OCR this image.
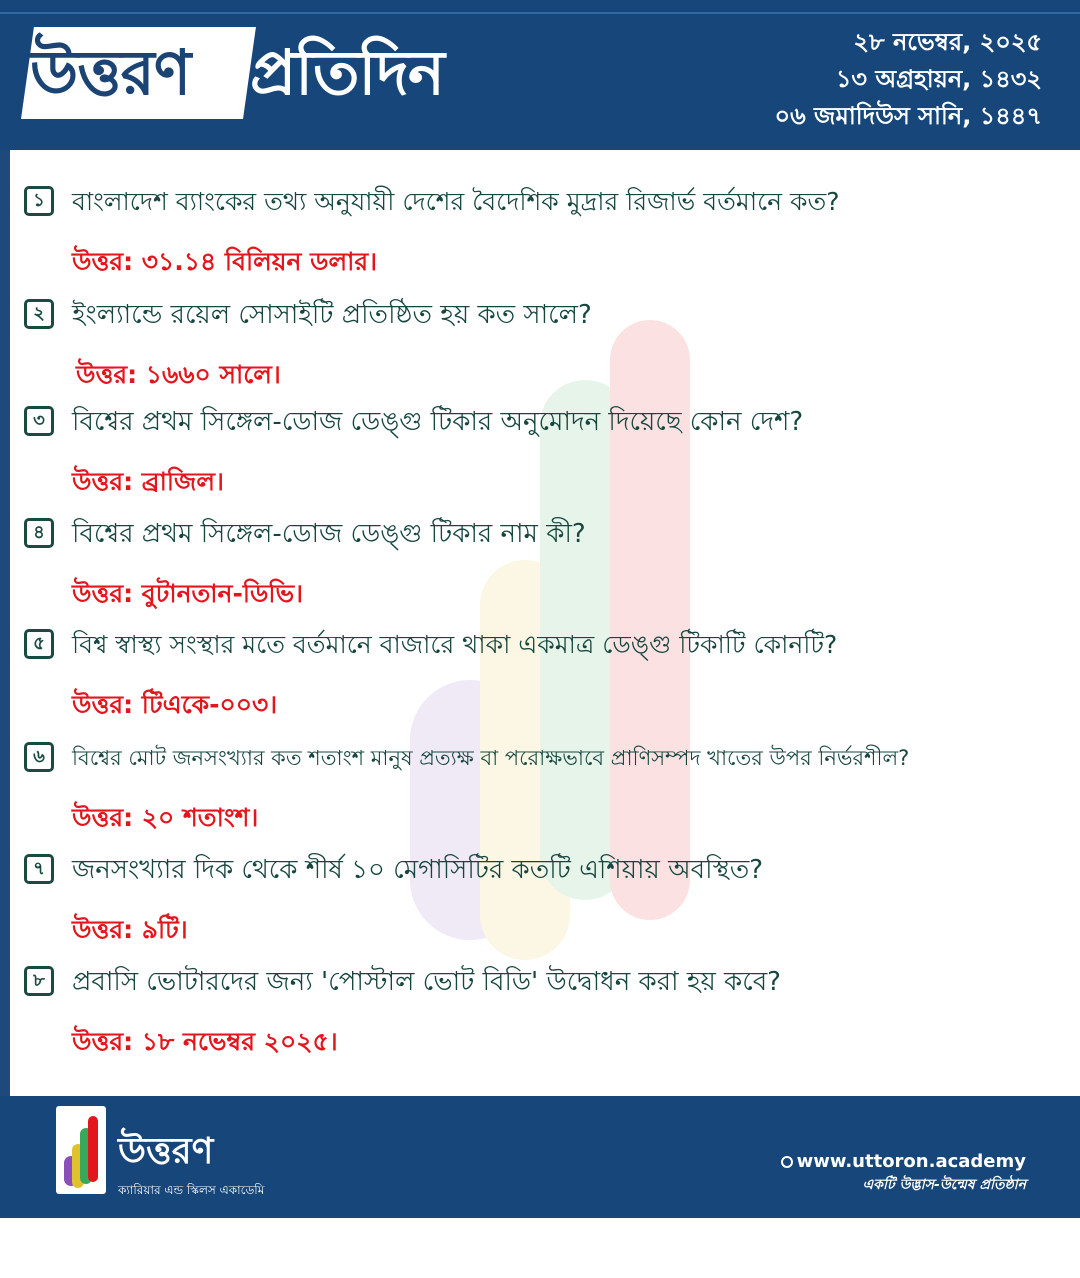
উত্তরণ প্রতিদিন	২৮ নভেম্বর, ২০২৫
১৩ অগ্রহায়ন, ১৪৩২
০৬ জমাদিউস সানি, ১৪৪৭
১	বাংলাদেশ ব্যাংকের তথ্য অনুযায়ী দেশের বৈদেশিক মুদ্রার রিজার্ভ বর্তমানে কত?
উত্তর: ৩১.১৪ বিলিয়ন ডলার।
২	ইংল্যান্ডে রয়েল সোসাইটি প্রতিষ্ঠিত হয় কত সালে?
উত্তর: ১৬৬০ সালে।
৩	বিশ্বের প্রথম সিঙ্গেল-ডোজ ডেঙ্গু টিকার অনুমোদন দিয়েছে কোন দেশ?
উত্তর: ব্রাজিল।
৪	বিশ্বের প্রথম সিঙ্গেল-ডোজ ডেঙ্গু টিকার নাম কী?
উত্তর: বুটানতান-ডিভি।
৫	বিশ্ব স্বাস্থ্য সংস্থার মতে বর্তমানে বাজারে থাকা একমাত্র ডেঙ্গু টিকাটি কোনটি?
উত্তর: টিএকে-০০৩।
৬	বিশ্বের মোট জনসংখ্যার কত শতাংশ মানুষ প্রত্যক্ষ বা পরোক্ষভাবে প্রাণিসম্পদ খাতের উপর নির্ভরশীল?
উত্তর: ২০ শতাংশ।
৭	জনসংখ্যার দিক থেকে শীর্ষ ১০ মেগাসিটির কতটি এশিয়ায় অবস্থিত?
উত্তর: ৯টি।
৮	প্রবাসি ভোটারদের জন্য 'পোস্টাল ভোট বিডি' উদ্বোধন করা হয় কবে?
উত্তর: ১৮ নভেম্বর ২০২৫।
উত্তরণ
ক্যারিয়ার এন্ড স্কিলস একাডেমি
www.uttoron.academy
একটি উদ্ভাস-উন্মেষ প্রতিষ্ঠান
